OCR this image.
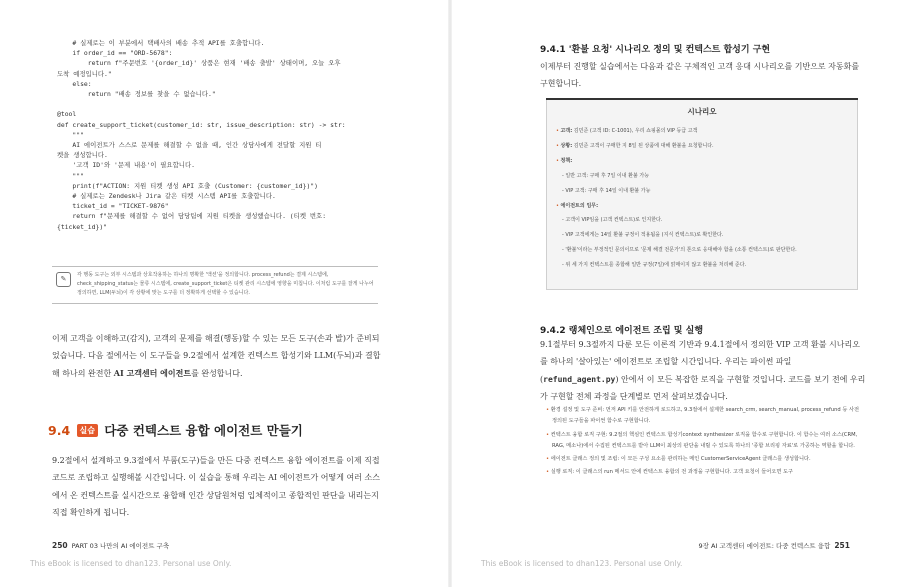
# 실제로는 이 부분에서 택배사의 배송 추적 API를 호출합니다.
if order_id == "ORD-5678":
return f"주문번호 '{order_id}' 상품은 현재 '배송 출발' 상태이며, 오늘 오후
도착 예정입니다."
else:
return "배송 정보를 찾을 수 없습니다."

@tool
def create_support_ticket(customer_id: str, issue_description: str) -> str:
"""
AI 에이전트가 스스로 문제를 해결할 수 없을 때, 인간 상담사에게 전달할 지원 티
켓을 생성합니다.
'고객 ID'와 '문제 내용'이 필요합니다.
"""
print(f"ACTION: 지원 티켓 생성 API 호출 (Customer: {customer_id})")
# 실제로는 Zendesk나 Jira 같은 티켓 시스템 API를 호출합니다.
ticket_id = "TICKET-9876"
return f"문제를 해결할 수 없어 담당팀에 지원 티켓을 생성했습니다. (티켓 번호:
{ticket_id})"

✎	각 행동 도구는 외부 시스템과 상호작용하는 하나의 명확한 '액션'을 정의합니다. process_refund는 결제 시스템에, check_shipping_status는 물류 시스템에, create_support_ticket은 티켓 관리 시스템에 영향을 미칩니다. 이처럼 도구를 잘게 나누어 정의하면, LLM(두뇌)이 각 상황에 맞는 도구를 더 정확하게 선택할 수 있습니다.
이제 고객을 이해하고(감지), 고객의 문제를 해결(행동)할 수 있는 모든 도구(손과 발)가 준비되었습니다. 다음 절에서는 이 도구들을 9.2절에서 설계한 컨텍스트 합성기와 LLM(두뇌)과 결합해 하나의 완전한 AI 고객센터 에이전트를 완성합니다.
9.4 실습 다중 컨텍스트 융합 에이전트 만들기
9.2절에서 설계하고 9.3절에서 부품(도구)들을 만든 다중 컨텍스트 융합 에이전트를 이제 직접 코드로 조립하고 실행해볼 시간입니다. 이 실습을 통해 우리는 AI 에이전트가 어떻게 여러 소스에서 온 컨텍스트를 실시간으로 융합해 인간 상담원처럼 입체적이고 종합적인 판단을 내리는지 직접 확인하게 됩니다.
250 PART 03 나만의 AI 에이전트 구축
This eBook is licensed to dhan123. Personal use Only.
9.4.1 '환불 요청' 시나리오 정의 및 컨텍스트 합성기 구현
이제부터 진행할 실습에서는 다음과 같은 구체적인 고객 응대 시나리오를 기반으로 자동화를 구현합니다.
시나리오
• 고객: 김민준 (고객 ID: C-1001), 우리 쇼핑몰의 VIP 등급 고객
• 상황: 김민준 고객이 구매한 지 8일 된 상품에 대해 환불을 요청합니다.
• 정책:
- 일반 고객: 구매 후 7일 이내 환불 가능
- VIP 고객: 구매 후 14일 이내 환불 가능
• 에이전트의 임무:
- 고객이 VIP임을 (고객 컨텍스트)로 인지한다.
- VIP 고객에게는 14일 환불 규정이 적용됨을 (지식 컨텍스트)로 확인한다.
- '환불'이라는 부정적인 문의이므로 '문제 해결 전문가'의 톤으로 응대해야 함을 (소통 컨텍스트)로 판단한다.
- 위 세 가지 컨텍스트를 종합해 일반 규정(7일)에 얽매이지 않고 환불을 처리해 준다.
9.4.2 랭체인으로 에이전트 조립 및 실행
9.1절부터 9.3절까지 다룬 모든 이론적 기반과 9.4.1절에서 정의한 VIP 고객 환불 시나리오를 하나의 '살아있는' 에이전트로 조립할 시간입니다. 우리는 파이썬 파일(refund_agent.py) 안에서 이 모든 복잡한 로직을 구현할 것입니다. 코드를 보기 전에 우리가 구현할 전체 과정을 단계별로 먼저 살펴보겠습니다.
• 환경 설정 및 도구 준비: 먼저 API 키를 안전하게 로드하고, 9.3절에서 설계한 search_crm, search_manual, process_refund 등 사전 정의된 도구들을 파이썬 함수로 구현합니다.
• 컨텍스트 융합 로직 구현: 9.2절의 핵심인 컨텍스트 합성기context synthesizer 로직을 함수로 구현합니다. 이 함수는 여러 소스(CRM, RAG, 메소나)에서 수집된 컨텍스트를 받아 LLM이 최상의 판단을 내릴 수 있도록 하나의 '종합 브리핑 자료'로 가공하는 역할을 합니다.
• 에이전트 클래스 정의 및 조립: 이 모든 구성 요소를 관리하는 메인 CustomerServiceAgent 클래스를 생성합니다.
• 실행 로직: 이 클래스의 run 메서드 안에 컨텍스트 융합의 전 과정을 구현합니다. 고객 요청이 들어오면 도구
9장 AI 고객센터 에이전트: 다중 컨텍스트 융합 251
This eBook is licensed to dhan123. Personal use Only.
